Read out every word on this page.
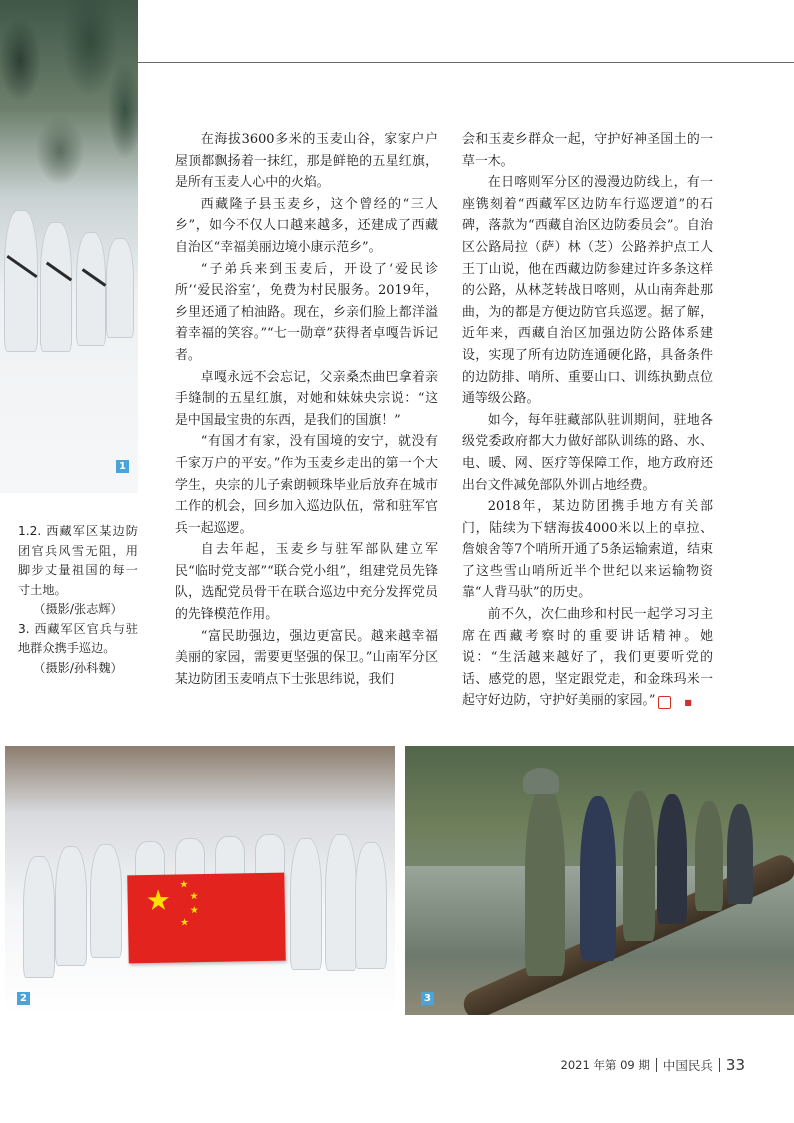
1

1.2. 西藏军区某边防团官兵风雪无阻，用脚步丈量祖国的每一寸土地。

（摄影/张志辉）

3. 西藏军区官兵与驻地群众携手巡边。

（摄影/孙科魏）

在海拔3600多米的玉麦山谷，家家户户屋顶都飘扬着一抹红，那是鲜艳的五星红旗，是所有玉麦人心中的火焰。

西藏隆子县玉麦乡，这个曾经的“三人乡”，如今不仅人口越来越多，还建成了西藏自治区“幸福美丽边境小康示范乡”。

“子弟兵来到玉麦后，开设了‘爱民诊所’‘爱民浴室’，免费为村民服务。2019年，乡里还通了柏油路。现在，乡亲们脸上都洋溢着幸福的笑容。”“七一勋章”获得者卓嘎告诉记者。

卓嘎永远不会忘记，父亲桑杰曲巴拿着亲手缝制的五星红旗，对她和妹妹央宗说：“这是中国最宝贵的东西，是我们的国旗！”

“有国才有家，没有国境的安宁，就没有千家万户的平安。”作为玉麦乡走出的第一个大学生，央宗的儿子索朗顿珠毕业后放弃在城市工作的机会，回乡加入巡边队伍，常和驻军官兵一起巡逻。

自去年起，玉麦乡与驻军部队建立军民“临时党支部”“联合党小组”，组建党员先锋队，选配党员骨干在联合巡边中充分发挥党员的先锋模范作用。

“富民助强边，强边更富民。越来越幸福美丽的家园，需要更坚强的保卫。”山南军分区某边防团玉麦哨点下士张思纬说，我们

会和玉麦乡群众一起，守护好神圣国土的一草一木。

在日喀则军分区的漫漫边防线上，有一座镌刻着“西藏军区边防车行巡逻道”的石碑，落款为“西藏自治区边防委员会”。自治区公路局拉（萨）林（芝）公路养护点工人王丁山说，他在西藏边防参建过许多条这样的公路，从林芝转战日喀则，从山南奔赴那曲，为的都是方便边防官兵巡逻。据了解，近年来，西藏自治区加强边防公路体系建设，实现了所有边防连通硬化路，具备条件的边防排、哨所、重要山口、训练执勤点位通等级公路。

如今，每年驻藏部队驻训期间，驻地各级党委政府都大力做好部队训练的路、水、电、暖、网、医疗等保障工作，地方政府还出台文件减免部队外训占地经费。

2018年，某边防团携手地方有关部门，陆续为下辖海拔4000米以上的卓拉、詹娘舍等7个哨所开通了5条运输索道，结束了这些雪山哨所近半个世纪以来运输物资靠“人背马驮”的历史。

前不久，次仁曲珍和村民一起学习习主席在西藏考察时的重要讲话精神。她说：“生活越来越好了，我们更要听党的话、感党的恩，坚定跟党走，和金珠玛米一起守好边防，守护好美丽的家园。”	■

★ ★
★
★
★
2	3
2021 年第 09 期 中国民兵 33
